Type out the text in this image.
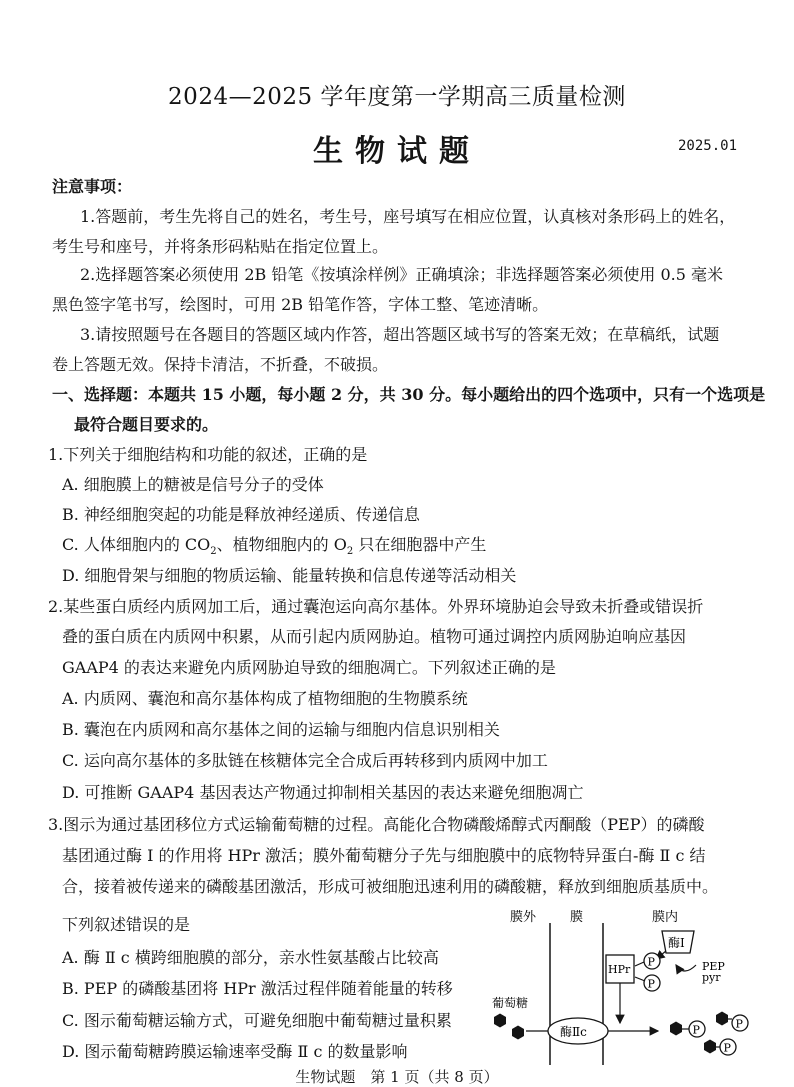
2024—2025 学年度第一学期高三质量检测
生物试题	2025.01
注意事项：
1.答题前，考生先将自己的姓名，考生号，座号填写在相应位置，认真核对条形码上的姓名，
考生号和座号，并将条形码粘贴在指定位置上。
2.选择题答案必须使用 2B 铅笔《按填涂样例》正确填涂；非选择题答案必须使用 0.5 毫米
黑色签字笔书写，绘图时，可用 2B 铅笔作答，字体工整、笔迹清晰。
3.请按照题号在各题目的答题区域内作答，超出答题区域书写的答案无效；在草稿纸，试题
卷上答题无效。保持卡清洁，不折叠，不破损。
一、选择题：本题共 15 小题，每小题 2 分，共 30 分。每小题给出的四个选项中，只有一个选项是
最符合题目要求的。
1.下列关于细胞结构和功能的叙述，正确的是
A. 细胞膜上的糖被是信号分子的受体
B. 神经细胞突起的功能是释放神经递质、传递信息
C. 人体细胞内的 $CO_2$、植物细胞内的 $O_2$ 只在细胞器中产生
D. 细胞骨架与细胞的物质运输、能量转换和信息传递等活动相关
2.某些蛋白质经内质网加工后，通过囊泡运向高尔基体。外界环境胁迫会导致未折叠或错误折
叠的蛋白质在内质网中积累，从而引起内质网胁迫。植物可通过调控内质网胁迫响应基因
GAAP4 的表达来避免内质网胁迫导致的细胞凋亡。下列叙述正确的是
A. 内质网、囊泡和高尔基体构成了植物细胞的生物膜系统
B. 囊泡在内质网和高尔基体之间的运输与细胞内信息识别相关
C. 运向高尔基体的多肽链在核糖体完全合成后再转移到内质网中加工
D. 可推断 GAAP4 基因表达产物通过抑制相关基因的表达来避免细胞凋亡
3.图示为通过基团移位方式运输葡萄糖的过程。高能化合物磷酸烯醇式丙酮酸（PEP）的磷酸
基团通过酶 Ⅰ 的作用将 HPr 激活；膜外葡萄糖分子先与细胞膜中的底物特异蛋白-酶 Ⅱ c 结
合，接着被传递来的磷酸基团激活，形成可被细胞迅速利用的磷酸糖，释放到细胞质基质中。
下列叙述错误的是
A. 酶 Ⅱ c 横跨细胞膜的部分，亲水性氨基酸占比较高
B. PEP 的磷酸基团将 HPr 激活过程伴随着能量的转移
C. 图示葡萄糖运输方式，可避免细胞中葡萄糖过量积累
D. 图示葡萄糖跨膜运输速率受酶 Ⅱ c 的数量影响
膜外	膜	膜内
酶Ⅰ
PEP
pyr
P
HPr
P
葡萄糖
酶Ⅱc	P	P
P
生物试题　第 1 页（共 8 页）
